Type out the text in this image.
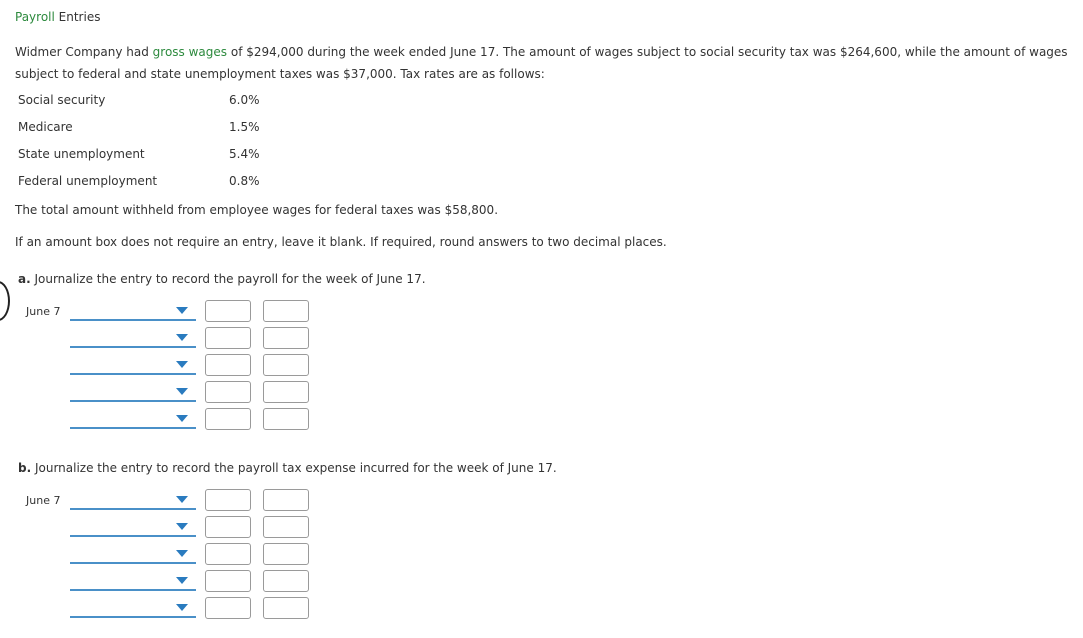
Payroll Entries
Widmer Company had gross wages of $294,000 during the week ended June 17. The amount of wages subject to social security tax was $264,600, while the amount of wages subject to federal and state unemployment taxes was $37,000. Tax rates are as follows:
Social security	6.0%
Medicare	1.5%
State unemployment	5.4%
Federal unemployment	0.8%
The total amount withheld from employee wages for federal taxes was $58,800.
If an amount box does not require an entry, leave it blank. If required, round answers to two decimal places.
a. Journalize the entry to record the payroll for the week of June 17.
June 7
b. Journalize the entry to record the payroll tax expense incurred for the week of June 17.
June 7
